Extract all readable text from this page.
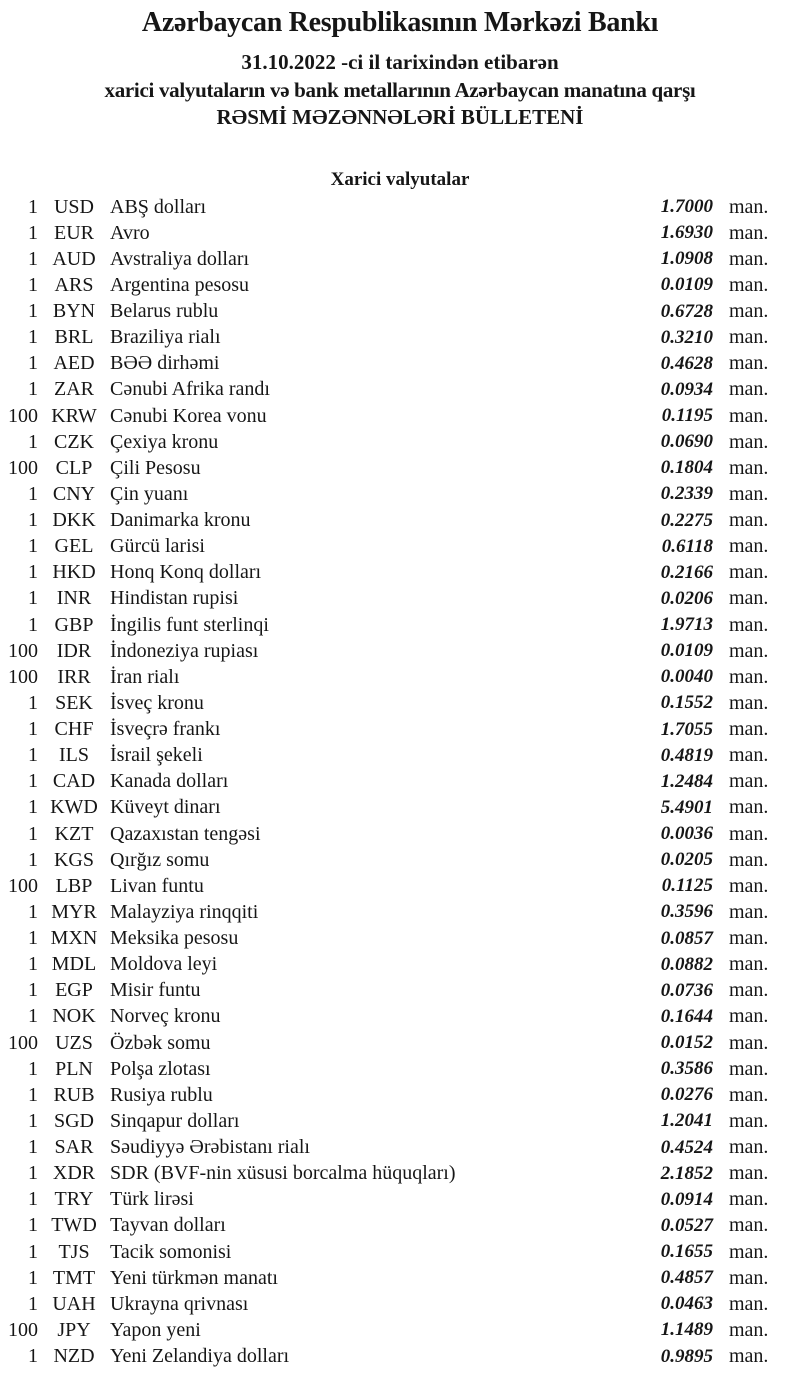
Azərbaycan Respublikasının Mərkəzi Bankı
31.10.2022 -ci il tarixindən etibarən
xarici valyutaların və bank metallarının Azərbaycan manatına qarşı
RƏSMİ MƏZƏNNƏLƏRİ BÜLLETENİ
Xarici valyutalar
1 USD ABŞ dolları	1.7000 man.
1 EUR Avro	1.6930 man.
1 AUD Avstraliya dolları	1.0908 man.
1 ARS Argentina pesosu	0.0109 man.
1 BYN Belarus rublu	0.6728 man.
1 BRL Braziliya rialı	0.3210 man.
1 AED BƏƏ dirhəmi	0.4628 man.
1 ZAR Cənubi Afrika randı	0.0934 man.
100 KRW Cənubi Korea vonu	0.1195 man.
1 CZK Çexiya kronu	0.0690 man.
100 CLP Çili Pesosu	0.1804 man.
1 CNY Çin yuanı	0.2339 man.
1 DKK Danimarka kronu	0.2275 man.
1 GEL Gürcü larisi	0.6118 man.
1 HKD Honq Konq dolları	0.2166 man.
1 INR Hindistan rupisi	0.0206 man.
1 GBP İngilis funt sterlinqi	1.9713 man.
100 IDR İndoneziya rupiası	0.0109 man.
100 IRR İran rialı	0.0040 man.
1 SEK İsveç kronu	0.1552 man.
1 CHF İsveçrə frankı	1.7055 man.
1	ILS	İsrail şekeli	0.4819 man.
1 CAD Kanada dolları	1.2484 man.
1 KWD Küveyt dinarı	5.4901 man.
1 KZT Qazaxıstan tengəsi	0.0036 man.
1 KGS Qırğız somu	0.0205 man.
100 LBP Livan funtu	0.1125 man.
1 MYR Malayziya rinqqiti	0.3596 man.
1 MXN Meksika pesosu	0.0857 man.
1 MDL Moldova leyi	0.0882 man.
1 EGP Misir funtu	0.0736 man.
1 NOK Norveç kronu	0.1644 man.
100 UZS Özbək somu	0.0152 man.
1 PLN Polşa zlotası	0.3586 man.
1 RUB Rusiya rublu	0.0276 man.
1 SGD Sinqapur dolları	1.2041 man.
1 SAR Səudiyyə Ərəbistanı rialı	0.4524 man.
1 XDR SDR (BVF-nin xüsusi borcalma hüquqları)	2.1852 man.
1 TRY Türk lirəsi	0.0914 man.
1 TWD Tayvan dolları	0.0527 man.
1	TJS	Tacik somonisi	0.1655 man.
1 TMT Yeni türkmən manatı	0.4857 man.
1 UAH Ukrayna qrivnası	0.0463 man.
100 JPY Yapon yeni	1.1489 man.
1 NZD Yeni Zelandiya dolları	0.9895 man.
